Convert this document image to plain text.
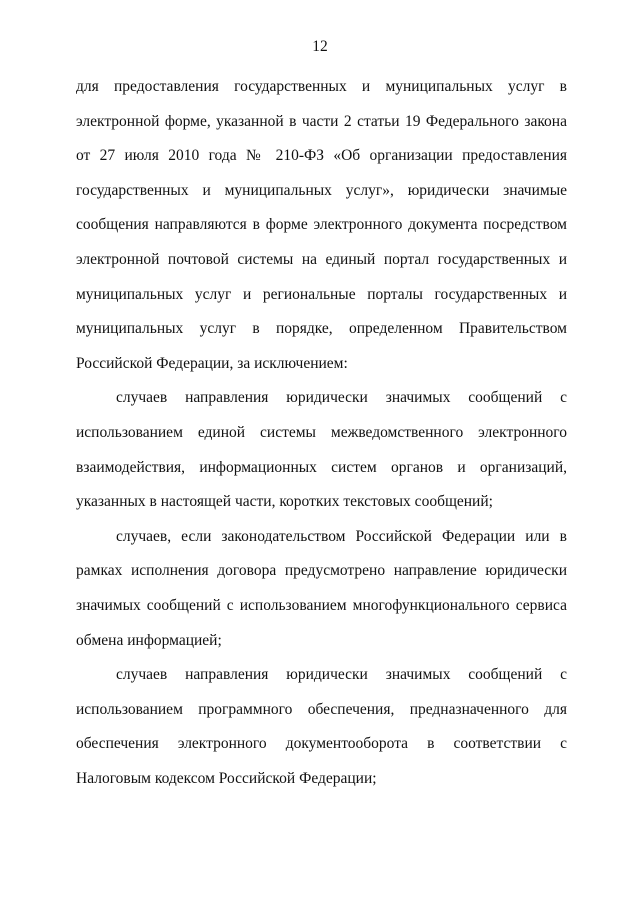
12

для предоставления государственных и муниципальных услуг в электронной форме, указанной в части 2 статьи 19 Федерального закона от 27 июля 2010 года № 210-ФЗ «Об организации предоставления государственных и муниципальных услуг», юридически значимые сообщения направляются в форме электронного документа посредством электронной почтовой системы на единый портал государственных и муниципальных услуг и региональные порталы государственных и муниципальных услуг в порядке, определенном Правительством Российской Федерации, за исключением:

случаев направления юридически значимых сообщений с использованием единой системы межведомственного электронного взаимодействия, информационных систем органов и организаций, указанных в настоящей части, коротких текстовых сообщений;

случаев, если законодательством Российской Федерации или в рамках исполнения договора предусмотрено направление юридически значимых сообщений с использованием многофункционального сервиса обмена информацией;

случаев направления юридически значимых сообщений с использованием программного обеспечения, предназначенного для обеспечения электронного документооборота в соответствии с Налоговым кодексом Российской Федерации;
